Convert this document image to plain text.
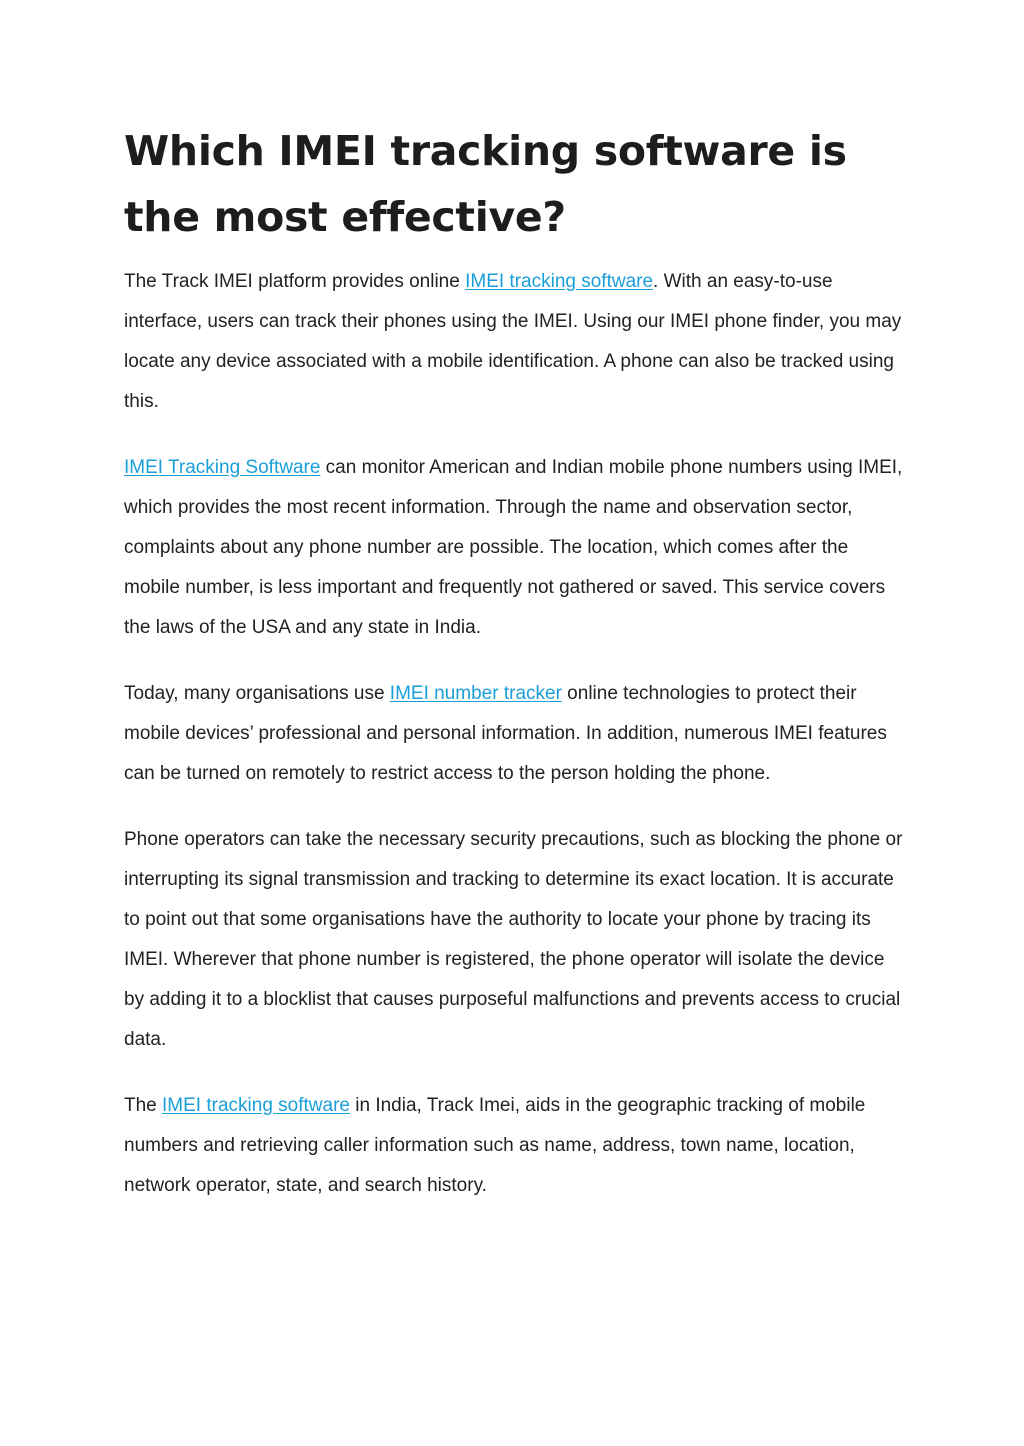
Which IMEI tracking software is the most effective?

The Track IMEI platform provides online IMEI tracking software. With an easy-to-use interface, users can track their phones using the IMEI. Using our IMEI phone finder, you may locate any device associated with a mobile identification. A phone can also be tracked using this.

IMEI Tracking Software can monitor American and Indian mobile phone numbers using IMEI, which provides the most recent information. Through the name and observation sector, complaints about any phone number are possible. The location, which comes after the mobile number, is less important and frequently not gathered or saved. This service covers the laws of the USA and any state in India.

Today, many organisations use IMEI number tracker online technologies to protect their mobile devices’ professional and personal information. In addition, numerous IMEI features can be turned on remotely to restrict access to the person holding the phone.

Phone operators can take the necessary security precautions, such as blocking the phone or interrupting its signal transmission and tracking to determine its exact location. It is accurate to point out that some organisations have the authority to locate your phone by tracing its IMEI. Wherever that phone number is registered, the phone operator will isolate the device by adding it to a blocklist that causes purposeful malfunctions and prevents access to crucial data.

The IMEI tracking software in India, Track Imei, aids in the geographic tracking of mobile numbers and retrieving caller information such as name, address, town name, location, network operator, state, and search history.
